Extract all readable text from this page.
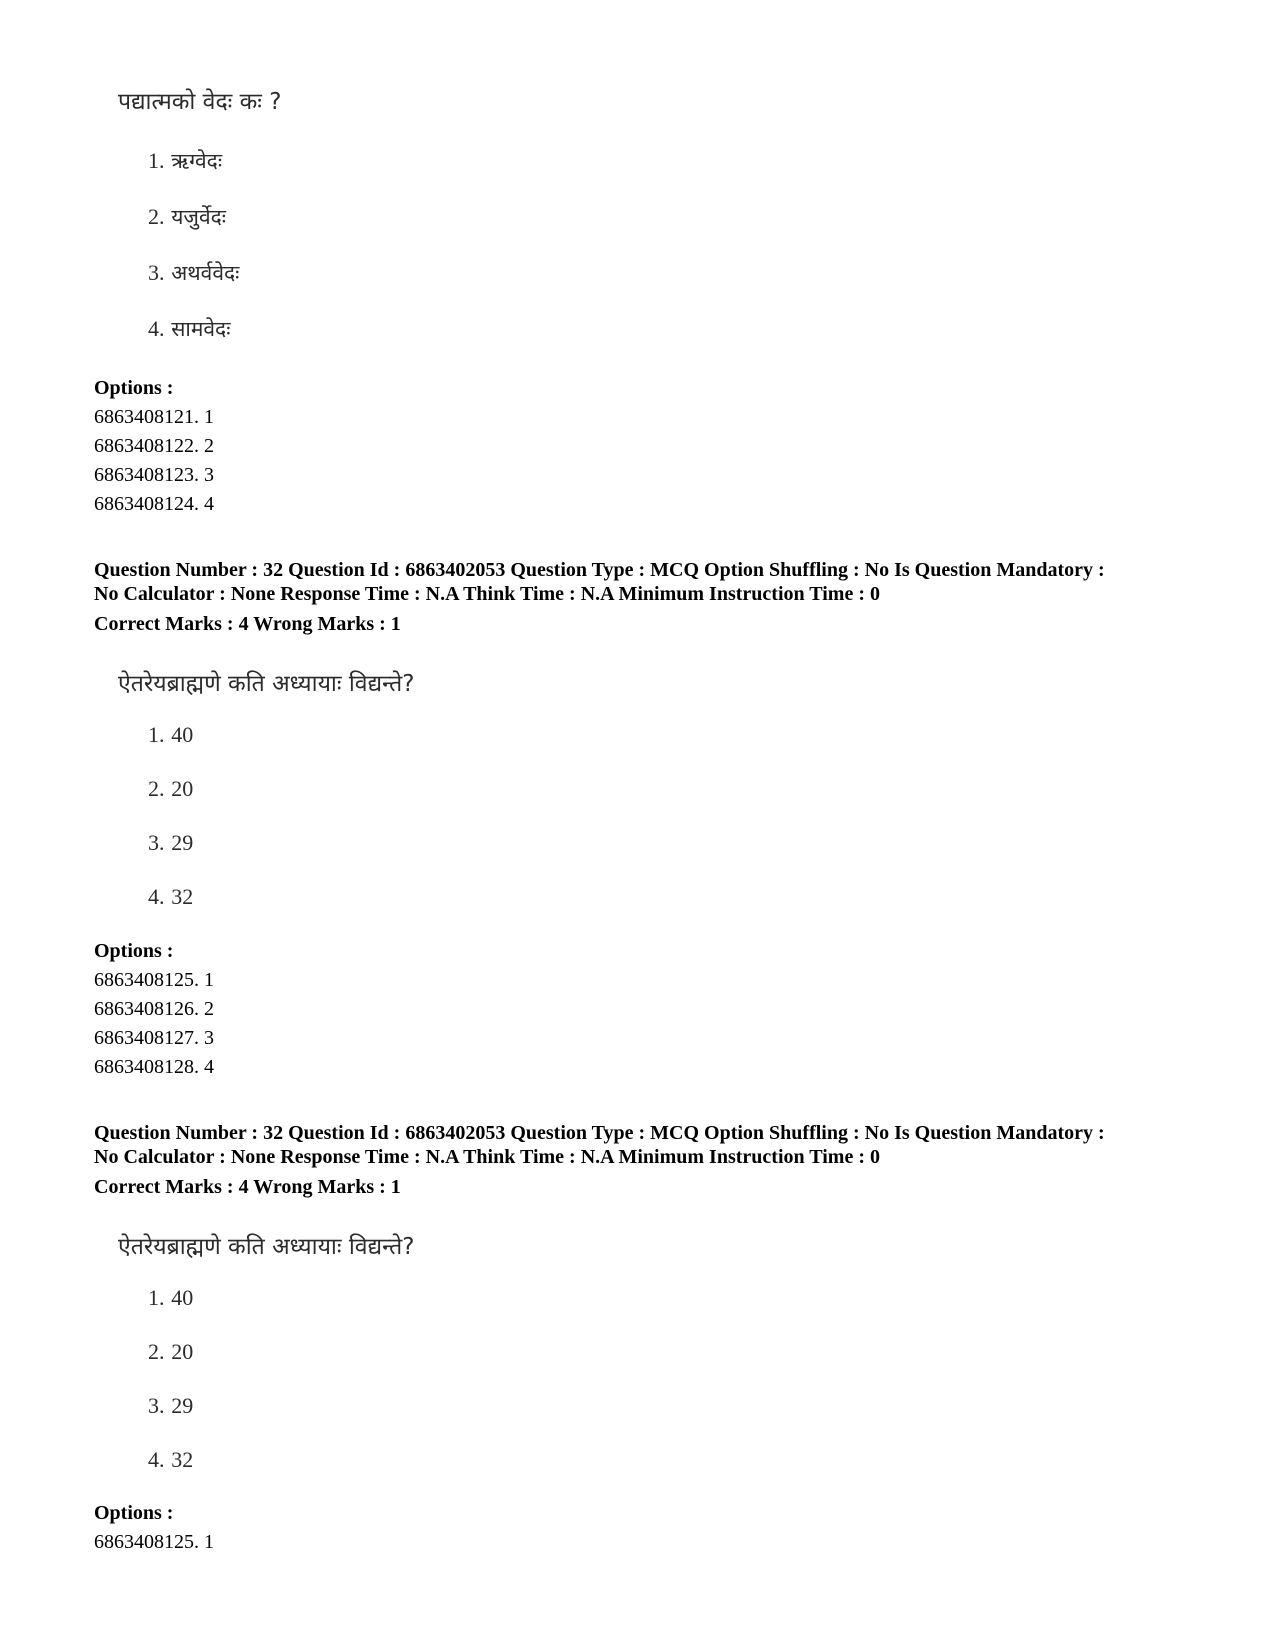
पद्यात्मको वेदः कः ?
1. ऋग्वेदः
2. यजुर्वेदः
3. अथर्ववेदः
4. सामवेदः
Options :
6863408121. 1
6863408122. 2
6863408123. 3
6863408124. 4
Question Number : 32 Question Id : 6863402053 Question Type : MCQ Option Shuffling : No Is Question Mandatory :
No Calculator : None Response Time : N.A Think Time : N.A Minimum Instruction Time : 0
Correct Marks : 4 Wrong Marks : 1
ऐतरेयब्राह्मणे कति अध्यायाः विद्यन्ते?
1. 40
2. 20
3. 29
4. 32
Options :
6863408125. 1
6863408126. 2
6863408127. 3
6863408128. 4
Question Number : 32 Question Id : 6863402053 Question Type : MCQ Option Shuffling : No Is Question Mandatory :
No Calculator : None Response Time : N.A Think Time : N.A Minimum Instruction Time : 0
Correct Marks : 4 Wrong Marks : 1
ऐतरेयब्राह्मणे कति अध्यायाः विद्यन्ते?
1. 40
2. 20
3. 29
4. 32
Options :
6863408125. 1
